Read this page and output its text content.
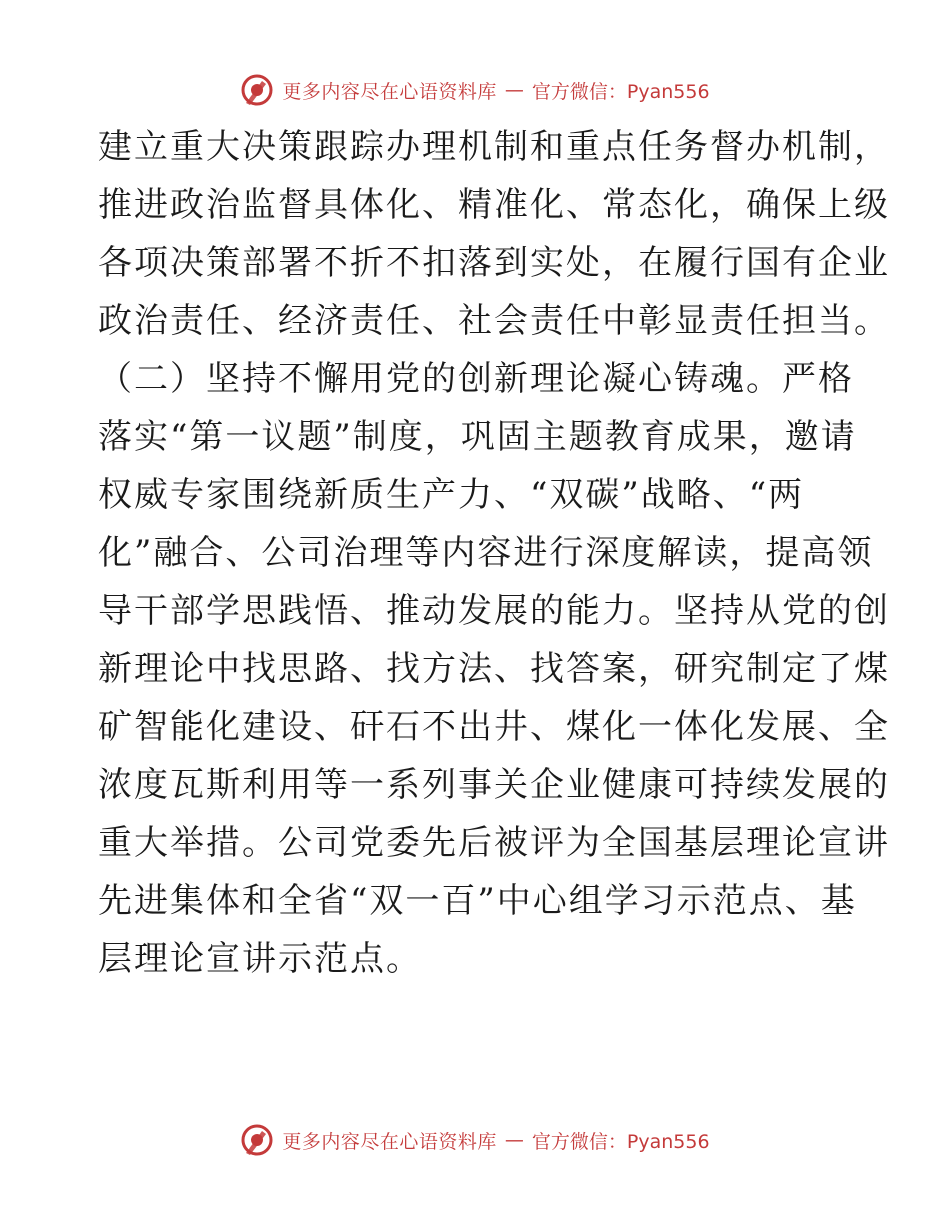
更多内容尽在心语资料库 — 官方微信：Pyan556
建立重大决策跟踪办理机制和重点任务督办机制，
推进政治监督具体化、精准化、常态化，确保上级
各项决策部署不折不扣落到实处，在履行国有企业
政治责任、经济责任、社会责任中彰显责任担当。
（二）坚持不懈用党的创新理论凝心铸魂。严格
落实“第一议题”制度，巩固主题教育成果，邀请
权威专家围绕新质生产力、“双碳”战略、“两
化”融合、公司治理等内容进行深度解读，提高领
导干部学思践悟、推动发展的能力。坚持从党的创
新理论中找思路、找方法、找答案，研究制定了煤
矿智能化建设、矸石不出井、煤化一体化发展、全
浓度瓦斯利用等一系列事关企业健康可持续发展的
重大举措。公司党委先后被评为全国基层理论宣讲
先进集体和全省“双一百”中心组学习示范点、基
层理论宣讲示范点。
更多内容尽在心语资料库 — 官方微信：Pyan556
